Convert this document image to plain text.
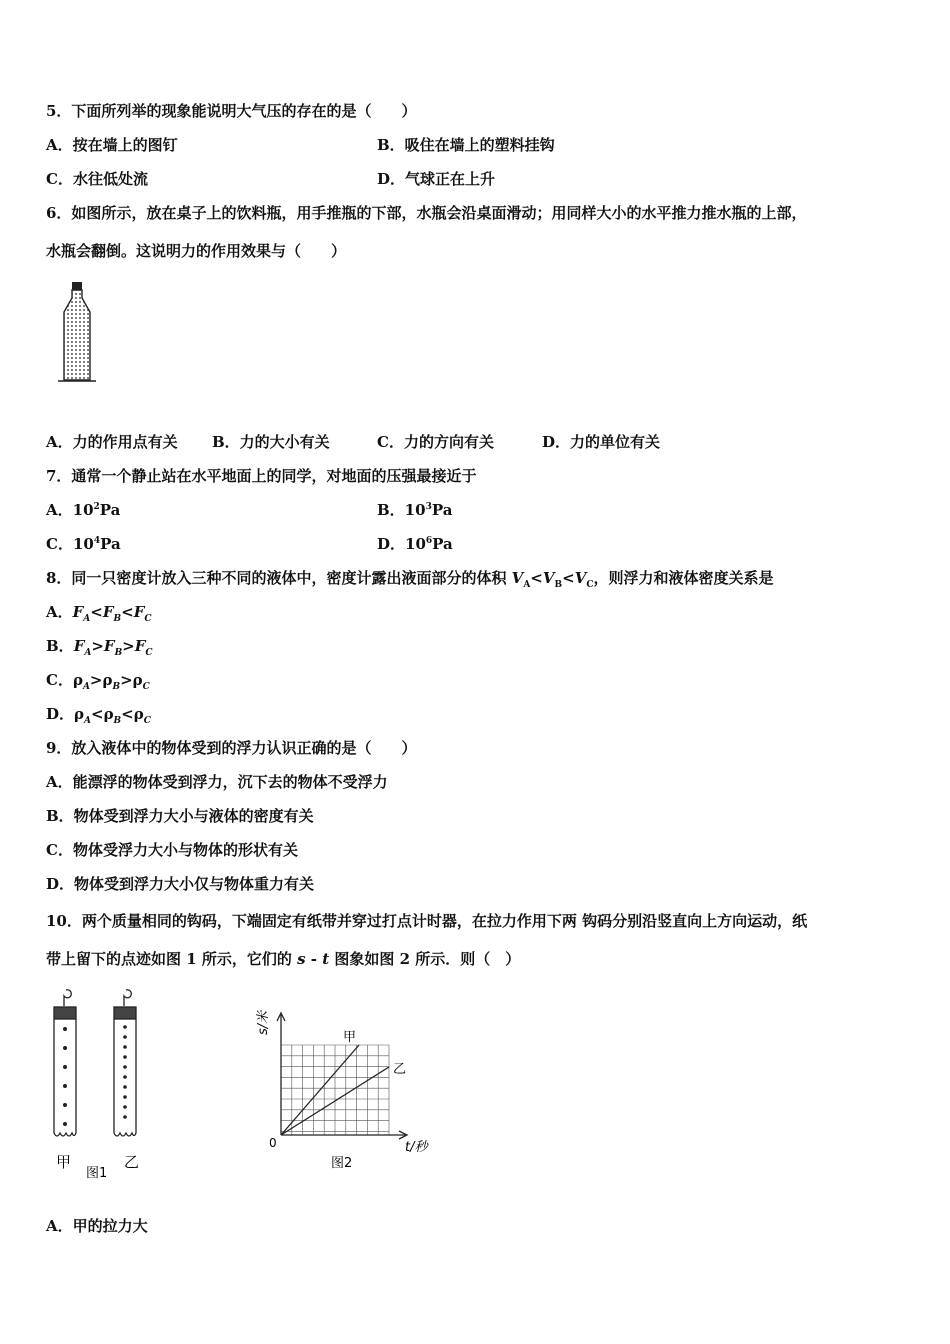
5．下面所列举的现象能说明大气压的存在的是（　　）
A．按在墙上的图钉	B．吸住在墙上的塑料挂钩
C．水往低处流	D．气球正在上升
6．如图所示，放在桌子上的饮料瓶，用手推瓶的下部，水瓶会沿桌面滑动；用同样大小的水平推力推水瓶的上部，
水瓶会翻倒。这说明力的作用效果与（　　）
A．力的作用点有关 B．力的大小有关	C．力的方向有关	D．力的单位有关
7．通常一个静止站在水平地面上的同学，对地面的压强最接近于
A．$10^2Pa$	B．$10^3Pa$
C．$10^4Pa$	D．$10^6Pa$
8．同一只密度计放入三种不同的液体中，密度计露出液面部分的体积 $V_A<V_B<V_C$，则浮力和液体密度关系是
A．$F_A<F_B<F_C$
B．$F_A>F_B>F_C$
C．$\rho_A>\rho_B>\rho_C$
D．$\rho_A<\rho_B<\rho_C$
9．放入液体中的物体受到的浮力认识正确的是（　　）
A．能漂浮的物体受到浮力，沉下去的物体不受浮力
B．物体受到浮力大小与液体的密度有关
C．物体受浮力大小与物体的形状有关
D．物体受到浮力大小仅与物体重力有关
10．两个质量相同的钩码，下端固定有纸带并穿过打点计时器，在拉力作用下两 钩码分别沿竖直向上方向运动，纸
带上留下的点迹如图 1 所示，它们的 s - t 图象如图 2 所示．则（　）
甲
图1
乙
s/米
t/秒
0
甲
乙
图2
A．甲的拉力大
